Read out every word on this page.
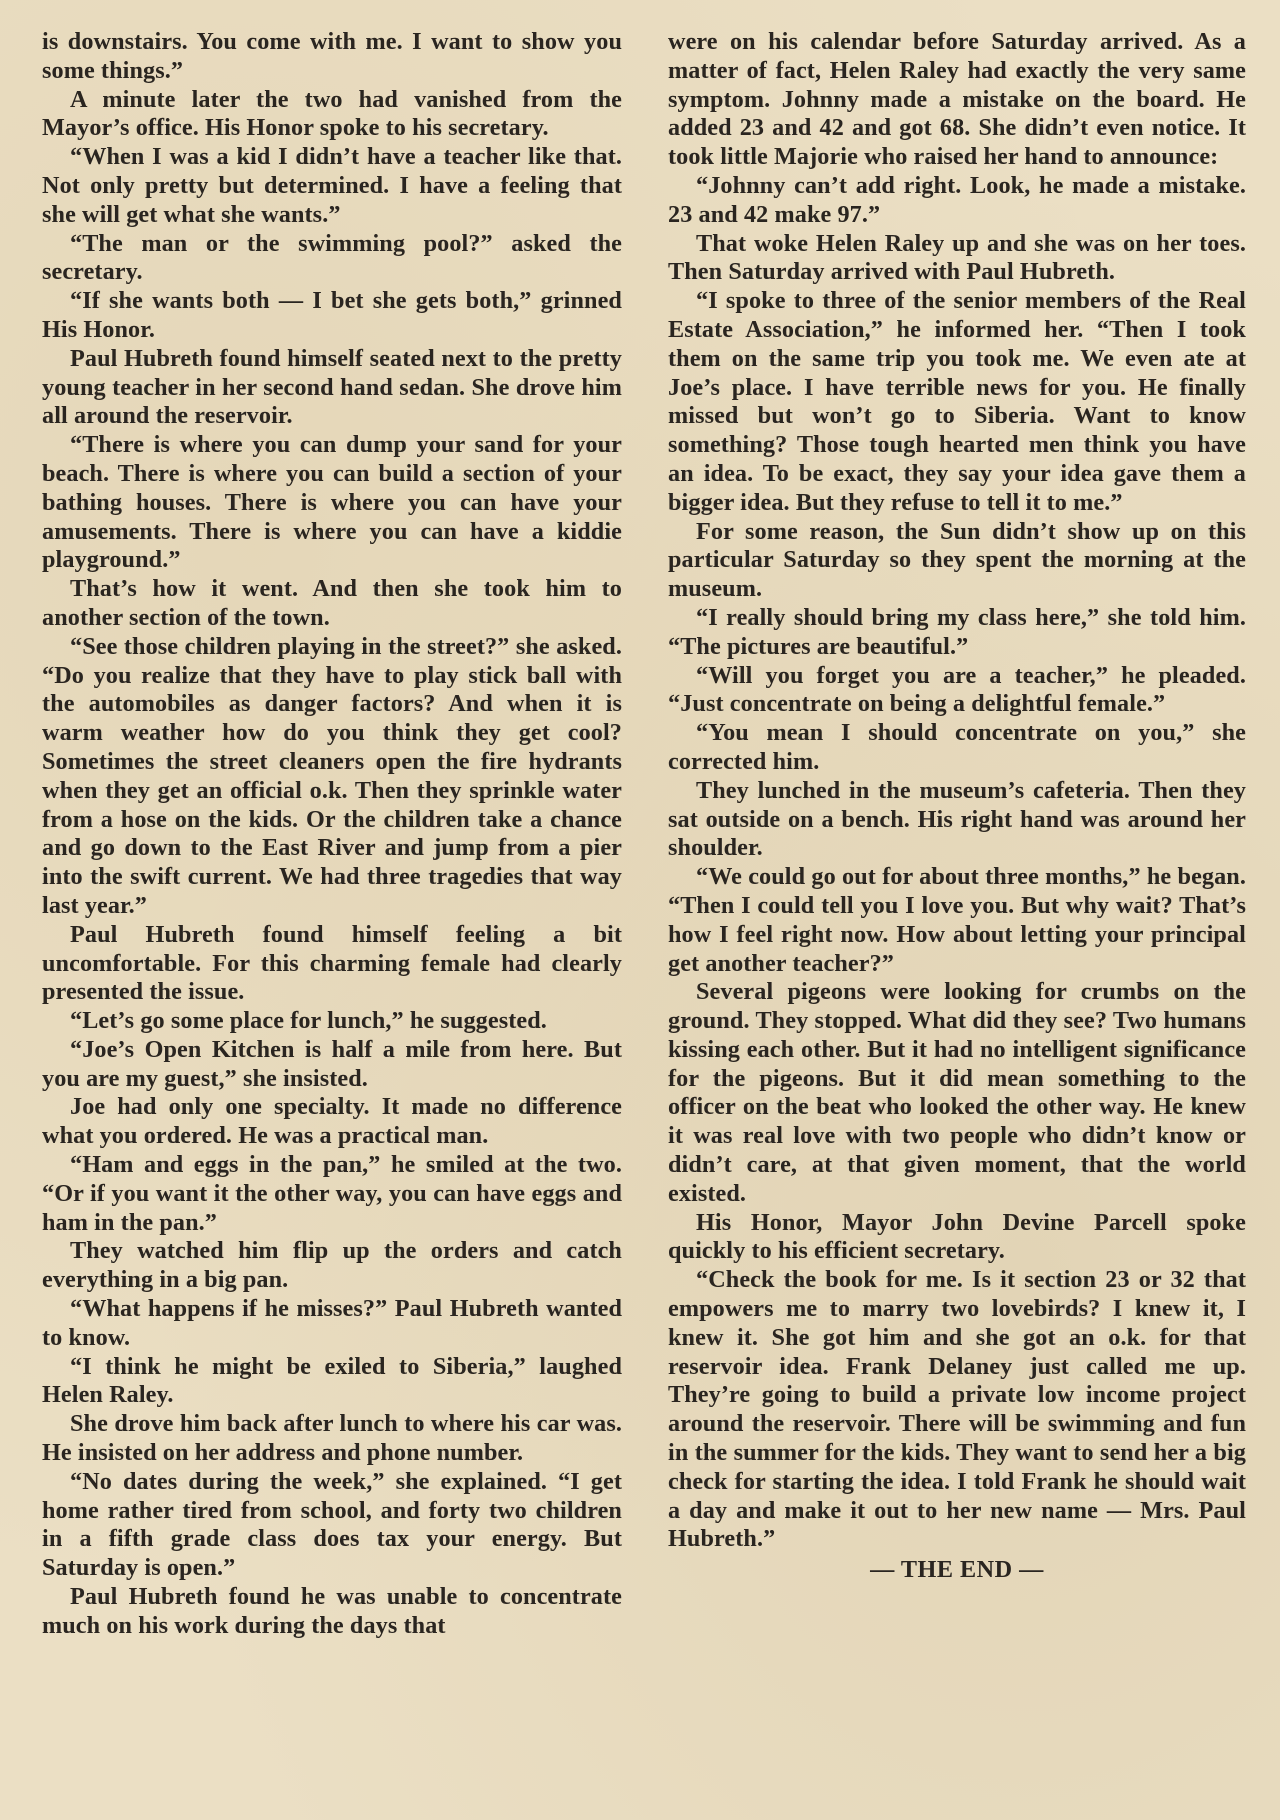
is downstairs. You come with me. I want to show you some things.”

A minute later the two had vanished from the Mayor’s office. His Honor spoke to his secretary.

“When I was a kid I didn’t have a teacher like that. Not only pretty but determined. I have a feeling that she will get what she wants.”

“The man or the swimming pool?” asked the secretary.

“If she wants both — I bet she gets both,” grinned His Honor.

Paul Hubreth found himself seated next to the pretty young teacher in her second hand sedan. She drove him all around the reservoir.

“There is where you can dump your sand for your beach. There is where you can build a section of your bathing houses. There is where you can have your amusements. There is where you can have a kiddie playground.”

That’s how it went. And then she took him to another section of the town.

“See those children playing in the street?” she asked. “Do you realize that they have to play stick ball with the automobiles as danger factors? And when it is warm weather how do you think they get cool? Sometimes the street cleaners open the fire hydrants when they get an official o.k. Then they sprinkle water from a hose on the kids. Or the children take a chance and go down to the East River and jump from a pier into the swift current. We had three tragedies that way last year.”

Paul Hubreth found himself feeling a bit uncomfortable. For this charming female had clearly presented the issue.

“Let’s go some place for lunch,” he suggested.

“Joe’s Open Kitchen is half a mile from here. But you are my guest,” she insisted.

Joe had only one specialty. It made no difference what you ordered. He was a practical man.

“Ham and eggs in the pan,” he smiled at the two. “Or if you want it the other way, you can have eggs and ham in the pan.”

They watched him flip up the orders and catch everything in a big pan.

“What happens if he misses?” Paul Hubreth wanted to know.

“I think he might be exiled to Siberia,” laughed Helen Raley.

She drove him back after lunch to where his car was. He insisted on her address and phone number.

“No dates during the week,” she explained. “I get home rather tired from school, and forty two children in a fifth grade class does tax your energy. But Saturday is open.”

Paul Hubreth found he was unable to concentrate much on his work during the days that

were on his calendar before Saturday arrived. As a matter of fact, Helen Raley had exactly the very same symptom. Johnny made a mistake on the board. He added 23 and 42 and got 68. She didn’t even notice. It took little Majorie who raised her hand to announce:

“Johnny can’t add right. Look, he made a mistake. 23 and 42 make 97.”

That woke Helen Raley up and she was on her toes. Then Saturday arrived with Paul Hubreth.

“I spoke to three of the senior members of the Real Estate Association,” he informed her. “Then I took them on the same trip you took me. We even ate at Joe’s place. I have terrible news for you. He finally missed but won’t go to Siberia. Want to know something? Those tough hearted men think you have an idea. To be exact, they say your idea gave them a bigger idea. But they refuse to tell it to me.”

For some reason, the Sun didn’t show up on this particular Saturday so they spent the morning at the museum.

“I really should bring my class here,” she told him. “The pictures are beautiful.”

“Will you forget you are a teacher,” he pleaded. “Just concentrate on being a delightful female.”

“You mean I should concentrate on you,” she corrected him.

They lunched in the museum’s cafeteria. Then they sat outside on a bench. His right hand was around her shoulder.

“We could go out for about three months,” he began. “Then I could tell you I love you. But why wait? That’s how I feel right now. How about letting your principal get another teacher?”

Several pigeons were looking for crumbs on the ground. They stopped. What did they see? Two humans kissing each other. But it had no intelligent significance for the pigeons. But it did mean something to the officer on the beat who looked the other way. He knew it was real love with two people who didn’t know or didn’t care, at that given moment, that the world existed.

His Honor, Mayor John Devine Parcell spoke quickly to his efficient secretary.

“Check the book for me. Is it section 23 or 32 that empowers me to marry two lovebirds? I knew it, I knew it. She got him and she got an o.k. for that reservoir idea. Frank Delaney just called me up. They’re going to build a private low income project around the reservoir. There will be swimming and fun in the summer for the kids. They want to send her a big check for starting the idea. I told Frank he should wait a day and make it out to her new name — Mrs. Paul Hubreth.”

— THE END —
